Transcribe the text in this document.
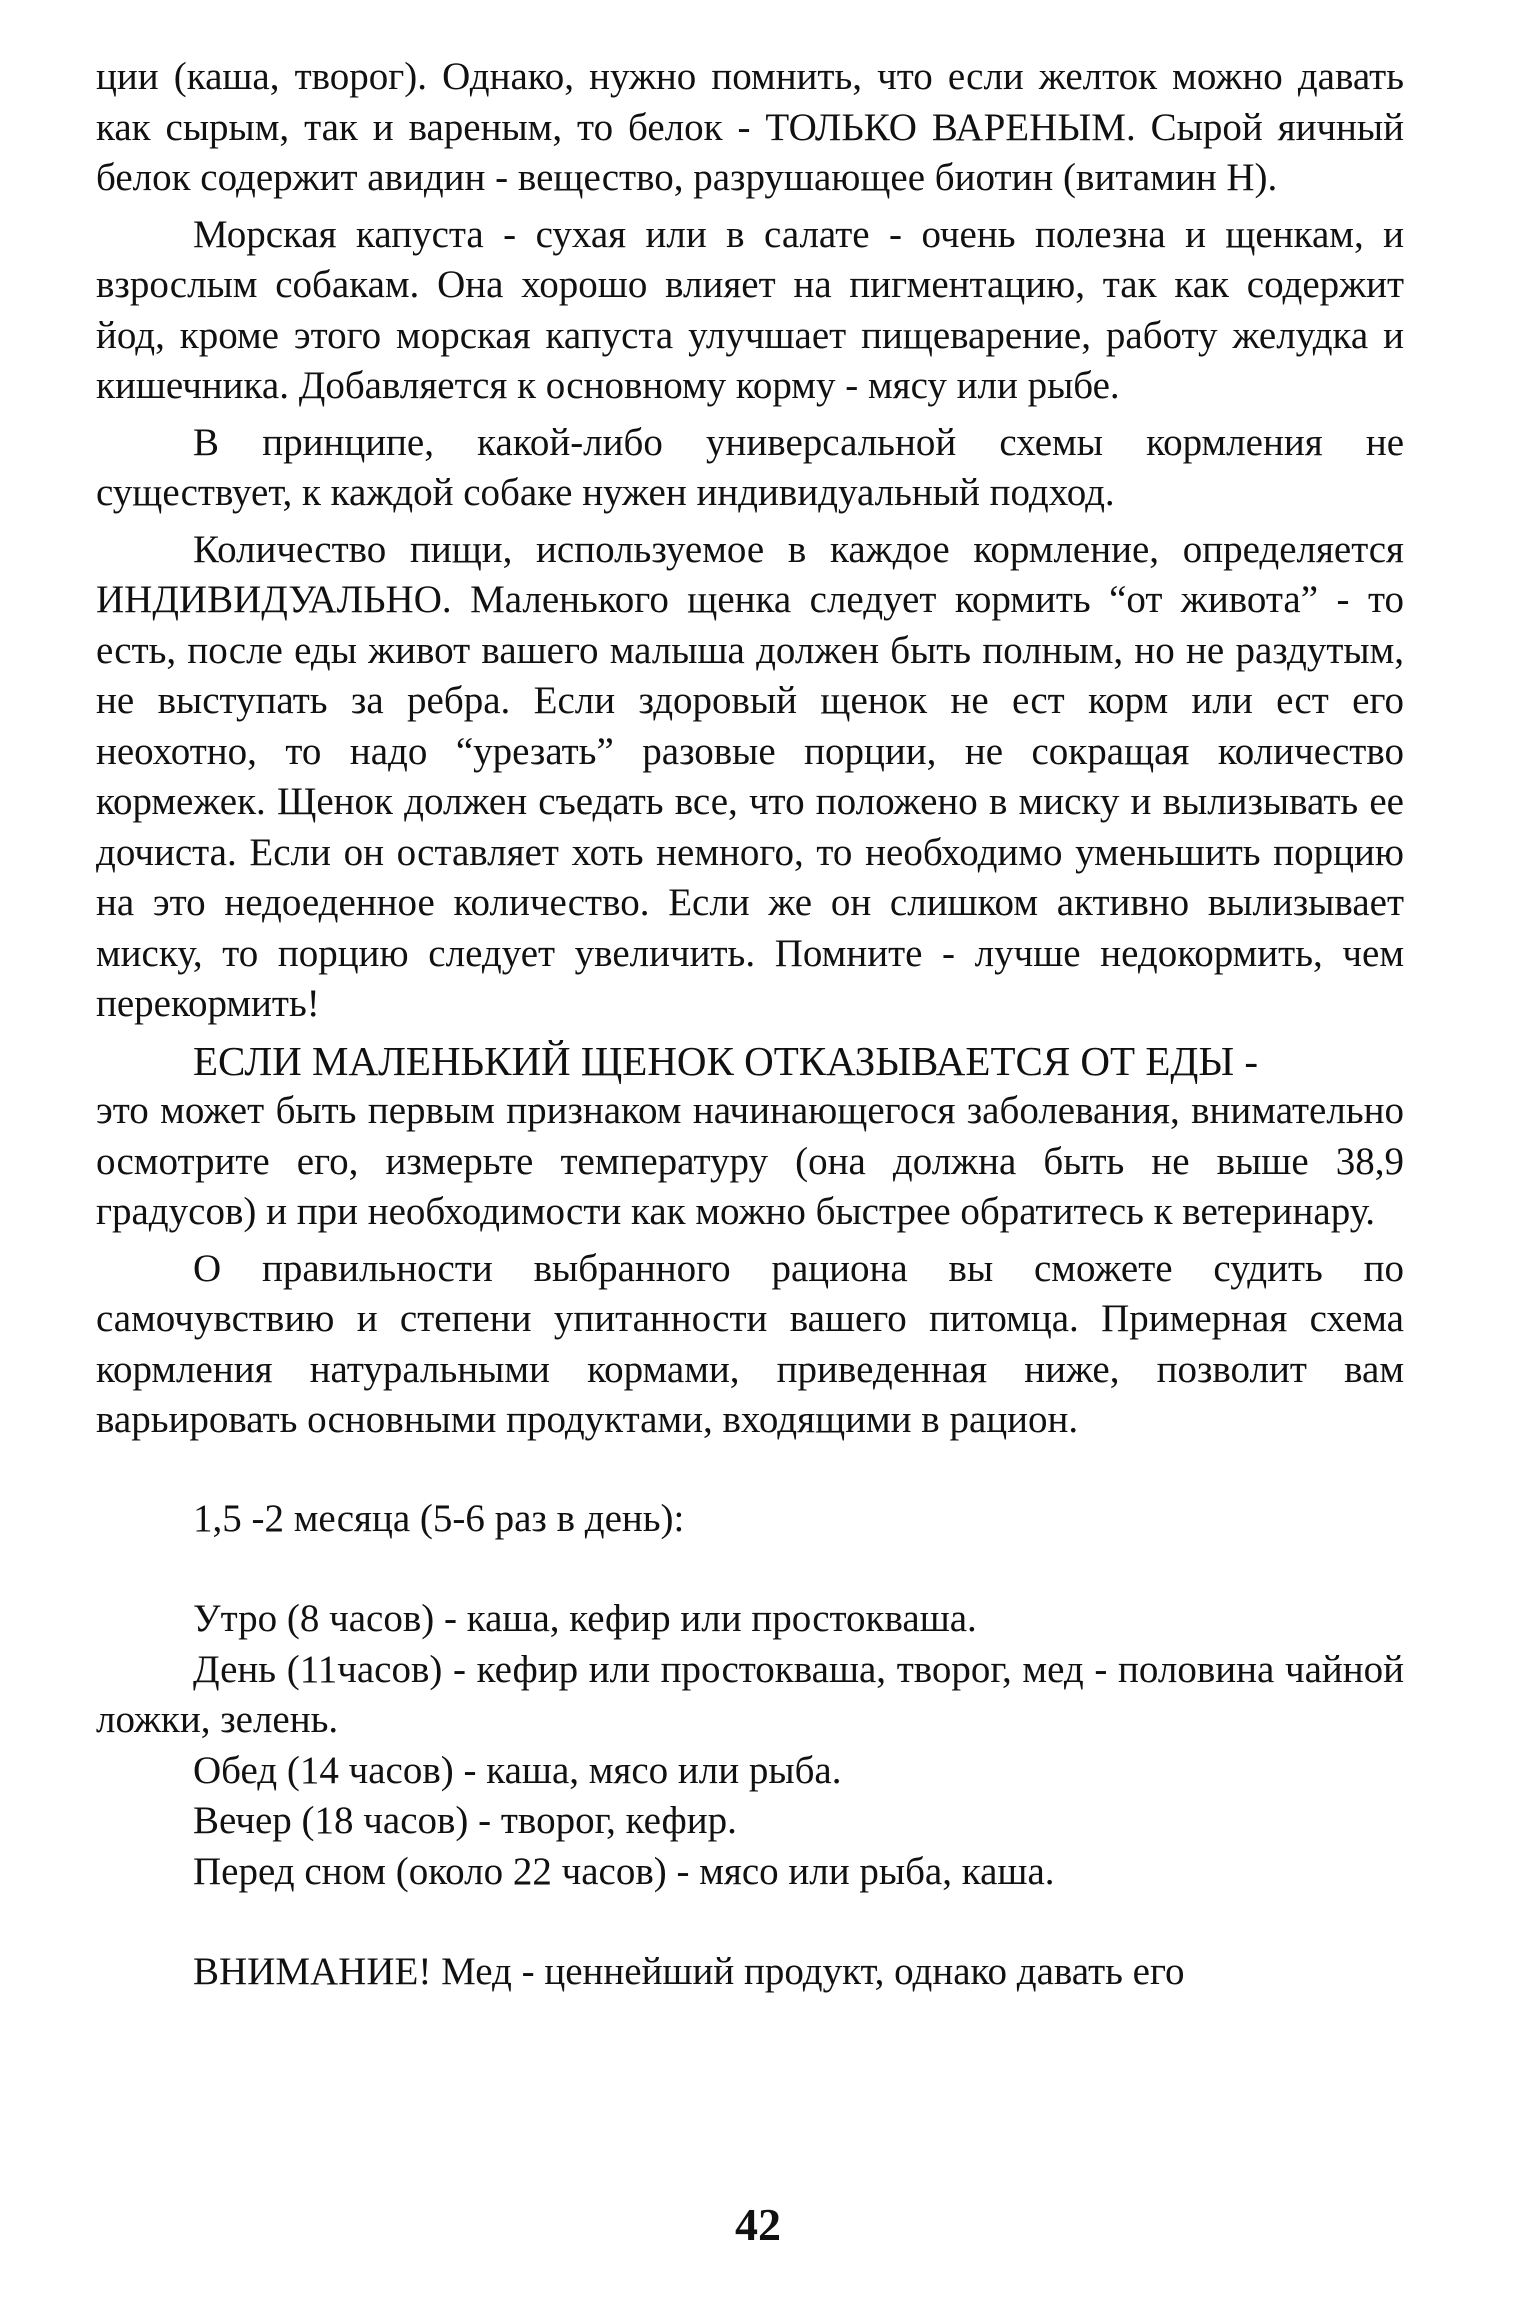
ции (каша, творог). Однако, нужно помнить, что если желток можно давать как сырым, так и вареным, то белок - ТОЛЬКО ВАРЕНЫМ. Сырой яичный белок содержит авидин - вещество, разрушающее биотин (витамин Н).

Морская капуста - сухая или в салате - очень полезна и щенкам, и взрослым собакам. Она хорошо влияет на пигментацию, так как содержит йод, кроме этого морская капуста улучшает пищеварение, работу желудка и кишечника. Добавляется к основному корму - мясу или рыбе.

В принципе, какой-либо универсальной схемы кормления не существует, к каждой собаке нужен индивидуальный подход.

Количество пищи, используемое в каждое кормление, определяется ИНДИВИДУАЛЬНО. Маленького щенка следует кормить “от живота” - то есть, после еды живот вашего малыша должен быть полным, но не раздутым, не выступать за ребра. Если здоровый щенок не ест корм или ест его неохотно, то надо “урезать” разовые порции, не сокращая количество кормежек. Щенок должен съедать все, что положено в миску и вылизывать ее дочиста. Если он оставляет хоть немного, то необходимо уменьшить порцию на это недоеденное количество. Если же он слишком активно вылизывает миску, то порцию следует увеличить. Помните - лучше недокормить, чем перекормить!

ЕСЛИ МАЛЕНЬКИЙ ЩЕНОК ОТКАЗЫВАЕТСЯ ОТ ЕДЫ -

это может быть первым признаком начинающегося заболевания, внимательно осмотрите его, измерьте температуру (она должна быть не выше 38,9 градусов) и при необходимости как можно быстрее обратитесь к ветеринару.

О правильности выбранного рациона вы сможете судить по самочувствию и степени упитанности вашего питомца. Примерная схема кормления натуральными кормами, приведенная ниже, позволит вам варьировать основными продуктами, входящими в рацион.

1,5 -2 месяца (5-6 раз в день):

Утро (8 часов) - каша, кефир или простокваша.

День (11часов) - кефир или простокваша, творог, мед - половина чайной ложки, зелень.

Обед (14 часов) - каша, мясо или рыба.

Вечер (18 часов) - творог, кефир.

Перед сном (около 22 часов) - мясо или рыба, каша.

ВНИМАНИЕ! Мед - ценнейший продукт, однако давать его

42
